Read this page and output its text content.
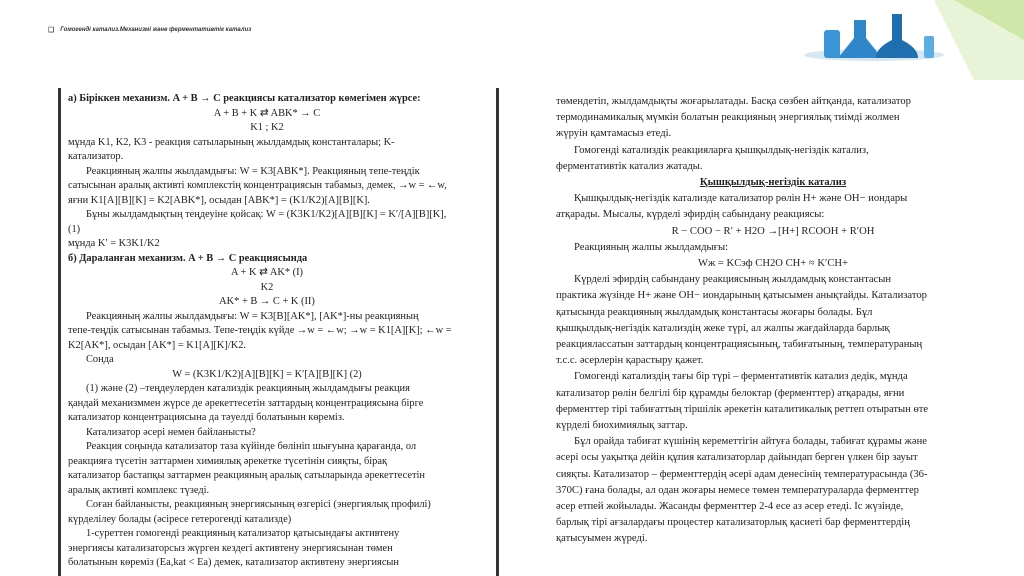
❑ Гомогенді катализ.Механизмі және ферментативтік катализ

а) Біріккен механизм. A + B → C реакциясы катализатор көмегімен жүрсе:

A + B + K ⇄ ABK* → C

K1 ; K2

мұнда K1, K2, K3 - реакция сатыларының жылдамдық константалары; K-

катализатор.

Реакцияның жалпы жылдамдығы: W = K3[ABK*]. Реакцияның тепе-теңдік

сатысынан аралық активті комплекстің концентрациясын табамыз, демек, →w = ←w,

яғни K1[A][B][K] = K2[ABK*], осыдан [ABK*] = (K1/K2)[A][B][K].

Бұны жылдамдықтың теңдеуіне қойсақ: W = (K3K1/K2)[A][B][K] = K′/[A][B][K],

(1)

мұнда K′ = K3K1/K2

б) Дараланған механизм. A + B → C реакциясында

A + K ⇄ AK* (I)

K2

AK* + B → C + K (II)

Реакцияның жалпы жылдамдығы: W = K3[B][AK*], [AK*]-ны реакцияның

тепе-теңдік сатысынан табамыз. Тепе-теңдік күйде →w = ←w; →w = K1[A][K]; ←w =

K2[AK*], осыдан [AK*] = K1[A][K]/K2.

Сонда

W = (K3K1/K2)[A][B][K] = K′[A][B][K] (2)

(1) және (2) –теңдеулерден катализдік реакцияның жылдамдығы реакция

қандай механизммен жүрсе де әрекеттесетін заттардың концентрациясына бірге

катализатор концентрациясына да тәуелді болатынын көреміз.

Катализатор әсері немен байланысты?

Реакция соңында катализатор таза күйінде бөлініп шығуына қарағанда, ол

реакцияға түсетін заттармен химиялық әрекетке түсетінін сияқты, бірақ

катализатор бастапқы заттармен реакцияның аралық сатыларында әрекеттесетін

аралық активті комплекс түзеді.

Соған байланысты, реакцияның энергиясының өзгерісі (энергиялық профилі)

күрделілеу болады (әсіресе гетерогенді катализде)

1-суреттен гомогенді реакцияның катализатор қатысындағы активтену

энергиясы катализаторсыз жүрген кездегі активтену энергиясынан төмен

болатынын көреміз (Ea,kat < Ea) демек, катализатор активтену энергиясын

төмендетіп, жылдамдықты жоғарылатады. Басқа сөзбен айтқанда, катализатор

термодинамикалық мүмкін болатын реакцияның энергиялық тиімді жолмен

жүруін қамтамасыз етеді.

Гомогенді катализдік реакцияларға қышқылдық-негіздік катализ,

ферментативтік катализ жатады.

Қышқылдық-негіздік катализ

Қышқылдық-негіздік катализде катализатор рөлін H+ және OH− иондары

атқарады. Мысалы, күрделі эфирдің сабындану реакциясы:

R − COO − R′ + H2O →[H+] RCOOH + R′OH

Реакцияның жалпы жылдамдығы:

Wж = KCэф CH2O CH+ ≈ K′CH+

Күрделі эфирдің сабындану реакциясының жылдамдық константасын

практика жүзінде H+ және OH− иондарының қатысымен анықтайды. Катализатор

қатысында реакцияның жылдамдық константасы жоғары болады. Бұл

қышқылдық-негіздік катализдің жеке түрі, ал жалпы жағдайларда барлық

реакциялассатын заттардың концентрациясының, табиғатының, температураның

т.с.с. әсерлерін қарастыру қажет.

Гомогенді катализдің тағы бір түрі – ферментативтік катализ дедік, мұнда

катализатор рөлін белгілі бір құрамды белоктар (ферменттер) атқарады, яғни

ферменттер тірі табиғаттың тіршілік әрекетін каталитикалық реттеп отыратын өте

күрделі биохимиялық заттар.

Бұл орайда табиғат күшінің кереметтігін айтуға болады, табиғат құрамы және

әсері осы уақытқа дейін құпия катализаторлар дайындап берген үлкен бір зауыт

сияқты. Катализатор – ферменттердің әсері адам денесінің температурасында (36-

370С) ғана болады, ал одан жоғары немесе төмен температураларда ферменттер

әсер етпей жойылады. Жасанды ферменттер 2-4 есе аз әсер етеді. Іс жүзінде,

барлық тірі ағзалардағы процестер катализаторлық қасиеті бар ферменттердің

қатысуымен жүреді.
